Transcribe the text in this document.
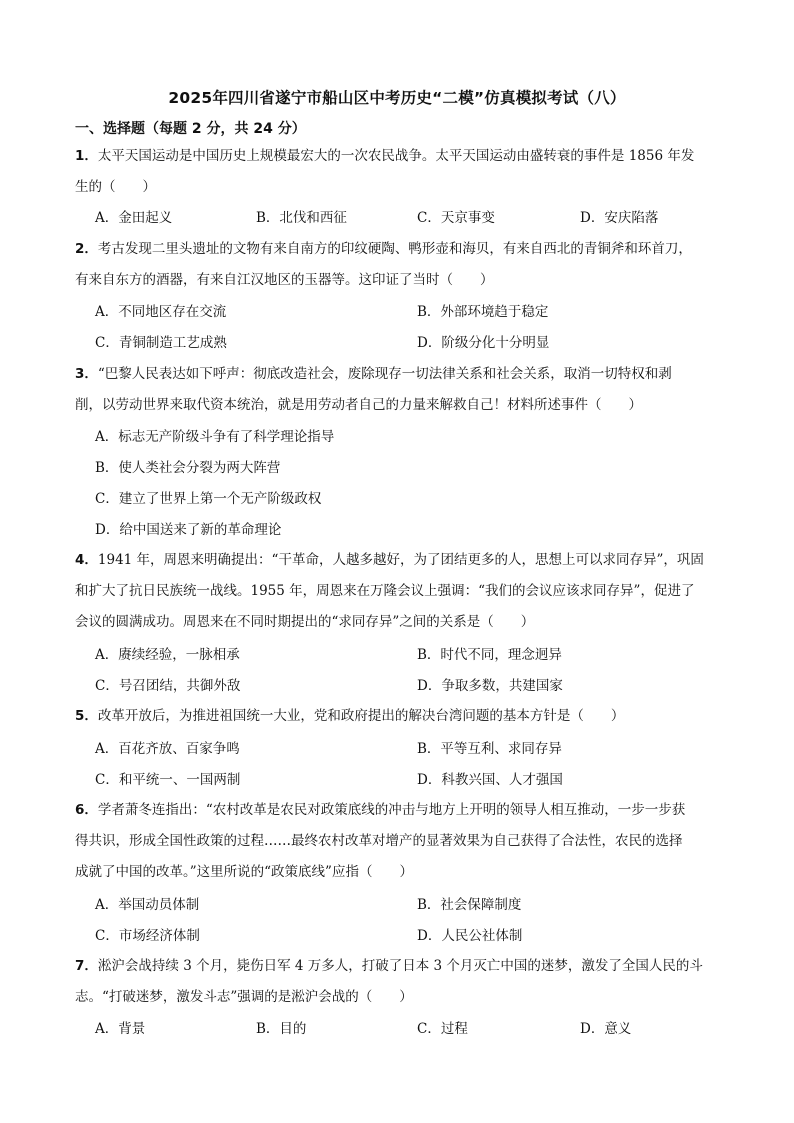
2025年四川省遂宁市船山区中考历史“二模”仿真模拟考试（八）
一、选择题（每题 2 分，共 24 分）
1．太平天国运动是中国历史上规模最宏大的一次农民战争。太平天国运动由盛转衰的事件是 1856 年发
生的（　　）
A．金田起义	B．北伐和西征	C．天京事变	D．安庆陷落
2．考古发现二里头遗址的文物有来自南方的印纹硬陶、鸭形壶和海贝，有来自西北的青铜斧和环首刀，
有来自东方的酒器，有来自江汉地区的玉器等。这印证了当时（　　）
A．不同地区存在交流	B．外部环境趋于稳定
C．青铜制造工艺成熟	D．阶级分化十分明显
3．“巴黎人民表达如下呼声：彻底改造社会，废除现存一切法律关系和社会关系，取消一切特权和剥
削，以劳动世界来取代资本统治，就是用劳动者自己的力量来解救自己！材料所述事件（　　）
A．标志无产阶级斗争有了科学理论指导
B．使人类社会分裂为两大阵营
C．建立了世界上第一个无产阶级政权
D．给中国送来了新的革命理论
4．1941 年，周恩来明确提出：“干革命，人越多越好，为了团结更多的人，思想上可以求同存异”，巩固
和扩大了抗日民族统一战线。1955 年，周恩来在万隆会议上强调：“我们的会议应该求同存异”，促进了
会议的圆满成功。周恩来在不同时期提出的“求同存异”之间的关系是（　　）
A．赓续经验，一脉相承	B．时代不同，理念迥异
C．号召团结，共御外敌	D．争取多数，共建国家
5．改革开放后，为推进祖国统一大业，党和政府提出的解决台湾问题的基本方针是（　　）
A．百花齐放、百家争鸣	B．平等互利、求同存异
C．和平统一、一国两制	D．科教兴国、人才强国
6．学者萧冬连指出：“农村改革是农民对政策底线的冲击与地方上开明的领导人相互推动，一步一步获
得共识，形成全国性政策的过程……最终农村改革对增产的显著效果为自己获得了合法性，农民的选择
成就了中国的改革。”这里所说的“政策底线”应指（　　）
A．举国动员体制	B．社会保障制度
C．市场经济体制	D．人民公社体制
7．淞沪会战持续 3 个月，毙伤日军 4 万多人，打破了日本 3 个月灭亡中国的迷梦，激发了全国人民的斗
志。“打破迷梦，激发斗志”强调的是淞沪会战的（　　）
A．背景	B．目的	C．过程	D．意义
